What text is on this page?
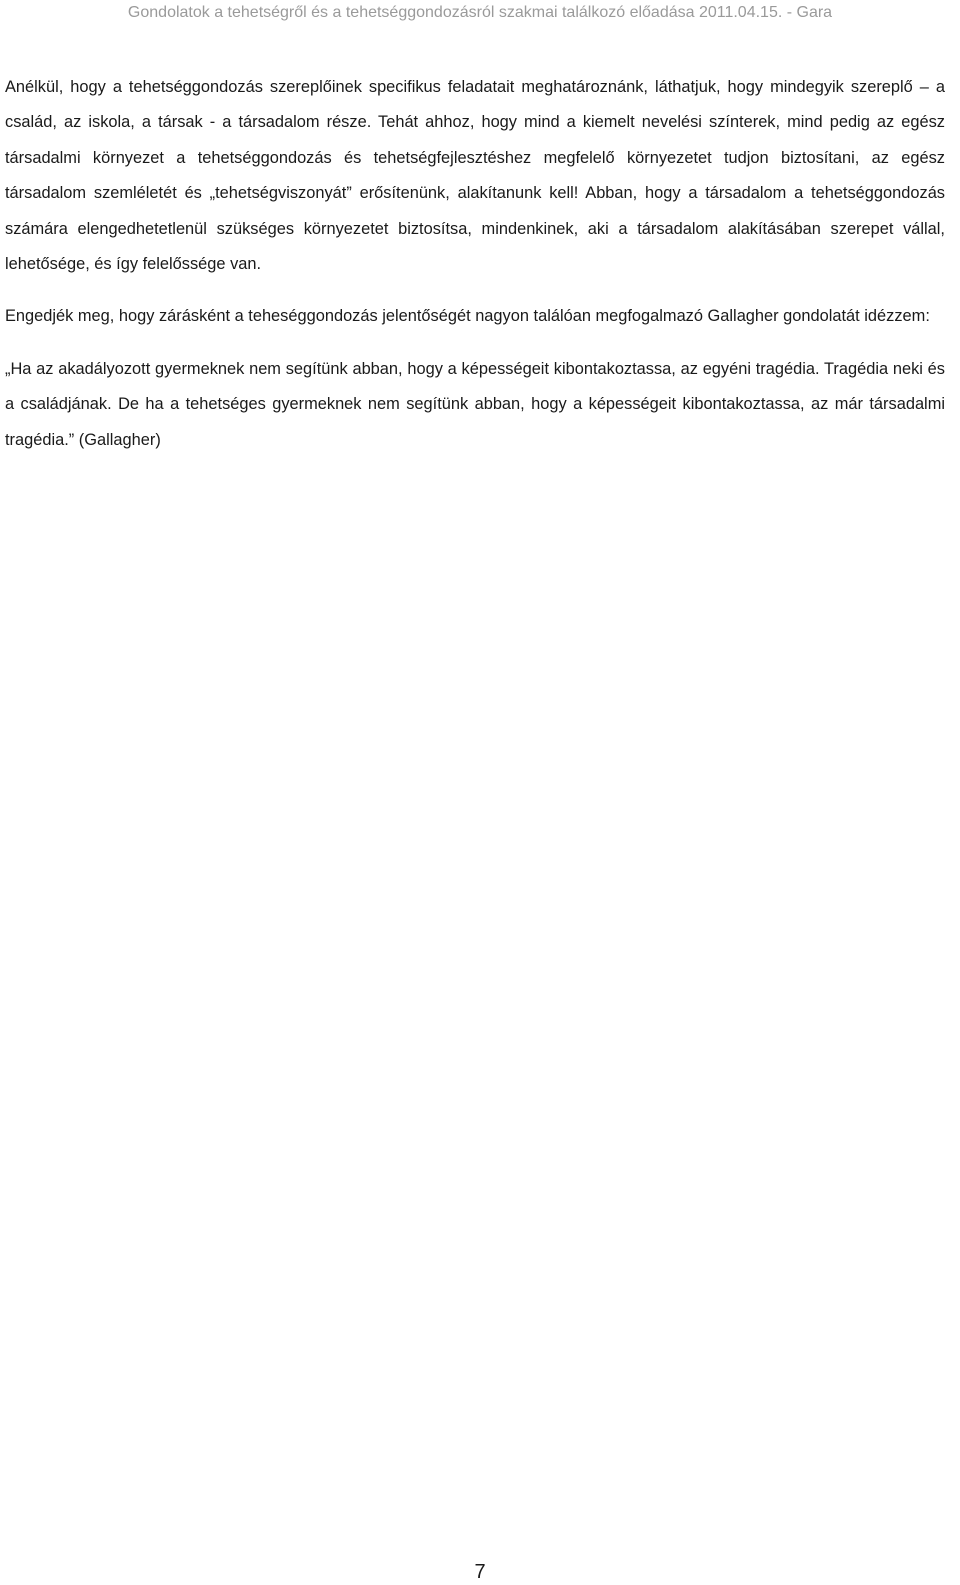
Gondolatok a tehetségről és a tehetséggondozásról szakmai találkozó előadása 2011.04.15. - Gara

Anélkül, hogy a tehetséggondozás szereplőinek specifikus feladatait meghatároznánk, láthatjuk, hogy mindegyik szereplő – a család, az iskola, a társak - a társadalom része. Tehát ahhoz, hogy mind a kiemelt nevelési színterek, mind pedig az egész társadalmi környezet a tehetséggondozás és tehetségfejlesztéshez megfelelő környezetet tudjon biztosítani, az egész társadalom szemléletét és „tehetségviszonyát” erősítenünk, alakítanunk kell! Abban, hogy a társadalom a tehetséggondozás számára elengedhetetlenül szükséges környezetet biztosítsa, mindenkinek, aki a társadalom alakításában szerepet vállal, lehetősége, és így felelőssége van.

Engedjék meg, hogy zárásként a teheséggondozás jelentőségét nagyon találóan megfogalmazó Gallagher gondolatát idézzem:

„Ha az akadályozott gyermeknek nem segítünk abban, hogy a képességeit kibontakoztassa, az egyéni tragédia. Tragédia neki és a családjának. De ha a tehetséges gyermeknek nem segítünk abban, hogy a képességeit kibontakoztassa, az már társadalmi tragédia.” (Gallagher)

7
